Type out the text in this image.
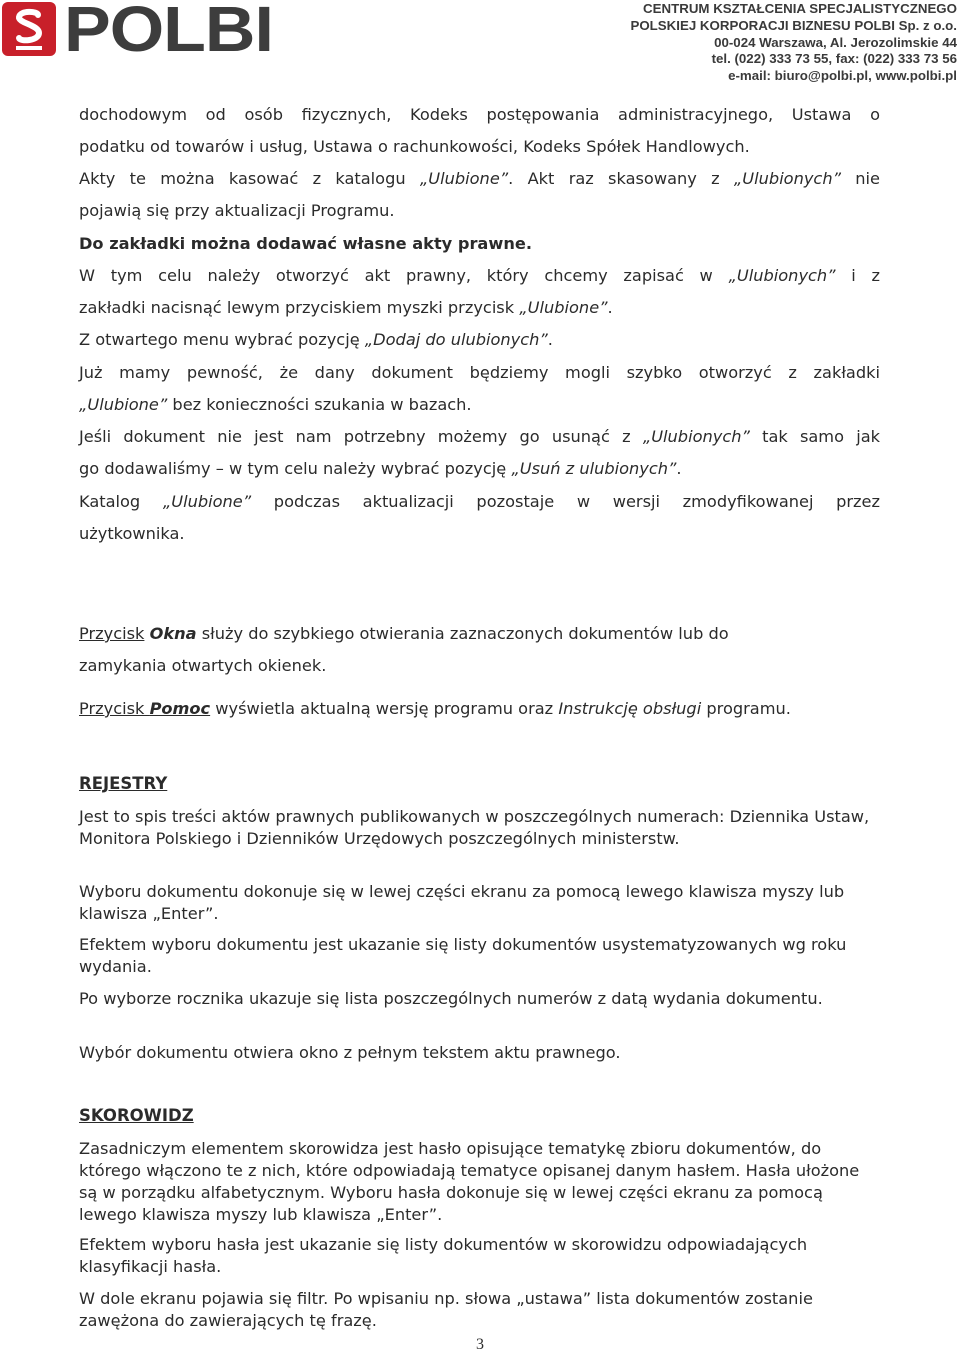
POLBI	CENTRUM KSZTAŁCENIA SPECJALISTYCZNEGO
POLSKIEJ KORPORACJI BIZNESU POLBI Sp. z o.o.
00-024 Warszawa, Al. Jerozolimskie 44
tel. (022) 333 73 55, fax: (022) 333 73 56
e-mail: biuro@polbi.pl, www.polbi.pl

dochodowym od osób fizycznych, Kodeks postępowania administracyjnego, Ustawa o

podatku od towarów i usług, Ustawa o rachunkowości, Kodeks Spółek Handlowych.

Akty te można kasować z katalogu „Ulubione”. Akt raz skasowany z „Ulubionych” nie

pojawią się przy aktualizacji Programu.

Do zakładki można dodawać własne akty prawne.

W tym celu należy otworzyć akt prawny, który chcemy zapisać w „Ulubionych” i z

zakładki nacisnąć lewym przyciskiem myszki przycisk „Ulubione”.

Z otwartego menu wybrać pozycję „Dodaj do ulubionych”.

Już mamy pewność, że dany dokument będziemy mogli szybko otworzyć z zakładki

„Ulubione” bez konieczności szukania w bazach.

Jeśli dokument nie jest nam potrzebny możemy go usunąć z „Ulubionych” tak samo jak

go dodawaliśmy – w tym celu należy wybrać pozycję „Usuń z ulubionych”.

Katalog „Ulubione” podczas aktualizacji pozostaje w wersji zmodyfikowanej przez

użytkownika.

Przycisk Okna służy do szybkiego otwierania zaznaczonych dokumentów lub do

zamykania otwartych okienek.

Przycisk Pomoc wyświetla aktualną wersję programu oraz Instrukcję obsługi programu.

REJESTRY

Jest to spis treści aktów prawnych publikowanych w poszczególnych numerach: Dziennika Ustaw, Monitora Polskiego i Dzienników Urzędowych poszczególnych ministerstw.

Wyboru dokumentu dokonuje się w lewej części ekranu za pomocą lewego klawisza myszy lub klawisza „Enter”.

Efektem wyboru dokumentu jest ukazanie się listy dokumentów usystematyzowanych wg roku wydania.

Po wyborze rocznika ukazuje się lista poszczególnych numerów z datą wydania dokumentu.

Wybór dokumentu otwiera okno z pełnym tekstem aktu prawnego.

SKOROWIDZ

Zasadniczym elementem skorowidza jest hasło opisujące tematykę zbioru dokumentów, do którego włączono te z nich, które odpowiadają tematyce opisanej danym hasłem. Hasła ułożone są w porządku alfabetycznym. Wyboru hasła dokonuje się w lewej części ekranu za pomocą lewego klawisza myszy lub klawisza „Enter”.

Efektem wyboru hasła jest ukazanie się listy dokumentów w skorowidzu odpowiadających klasyfikacji hasła.

W dole ekranu pojawia się filtr. Po wpisaniu np. słowa „ustawa” lista dokumentów zostanie zawężona do zawierających tę frazę.

3
